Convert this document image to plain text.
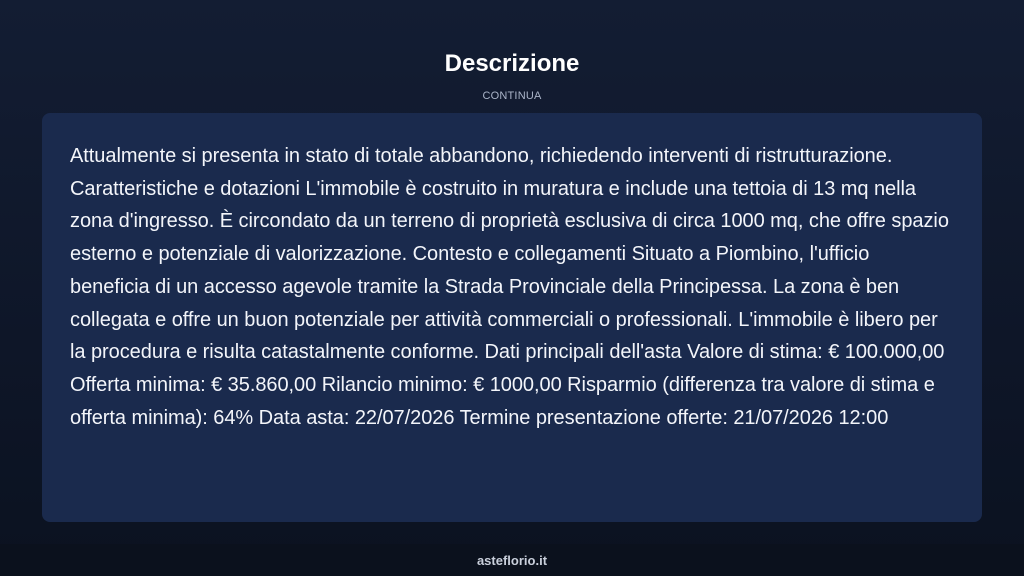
Descrizione
CONTINUA

Attualmente si presenta in stato di totale abbandono, richiedendo interventi di ristrutturazione. Caratteristiche e dotazioni L'immobile è costruito in muratura e include una tettoia di 13 mq nella zona d'ingresso. È circondato da un terreno di proprietà esclusiva di circa 1000 mq, che offre spazio esterno e potenziale di valorizzazione. Contesto e collegamenti Situato a Piombino, l'ufficio beneficia di un accesso agevole tramite la Strada Provinciale della Principessa. La zona è ben collegata e offre un buon potenziale per attività commerciali o professionali. L'immobile è libero per la procedura e risulta catastalmente conforme. Dati principali dell'asta Valore di stima: € 100.000,00 Offerta minima: € 35.860,00 Rilancio minimo: € 1000,00 Risparmio (differenza tra valore di stima e offerta minima): 64% Data asta: 22/07/2026 Termine presentazione offerte: 21/07/2026 12:00

asteflorio.it
